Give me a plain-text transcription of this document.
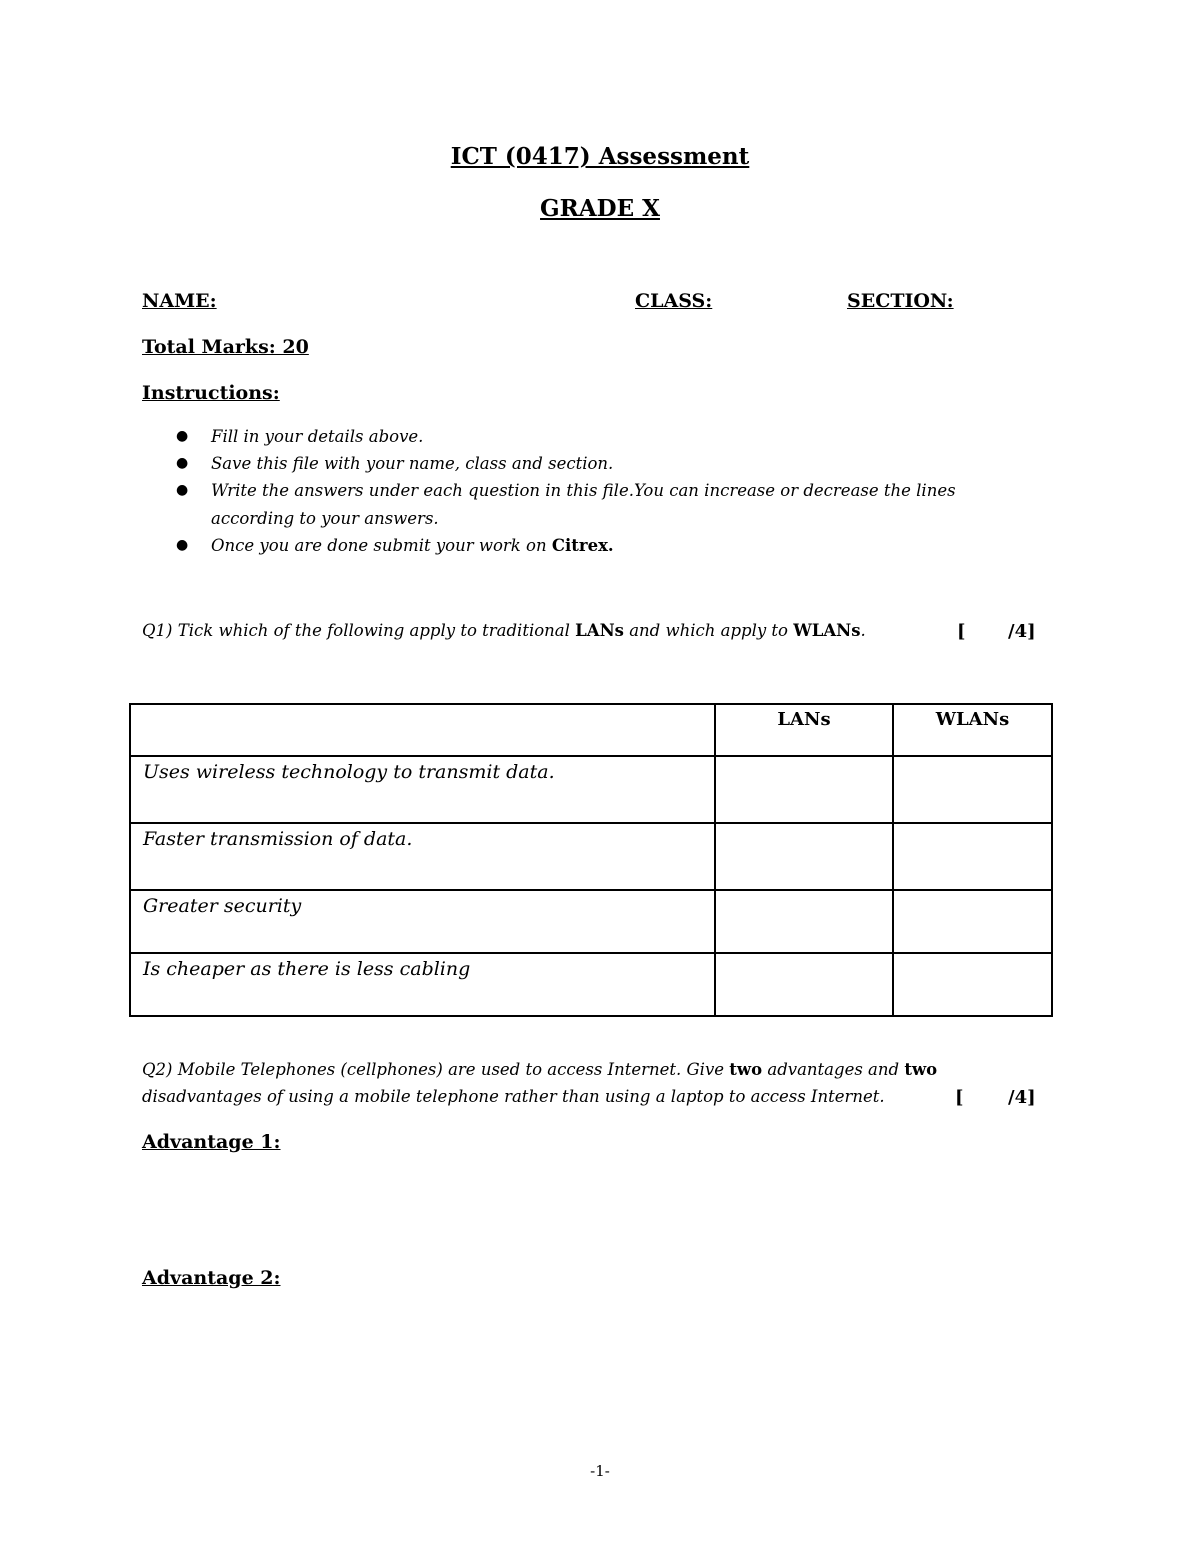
ICT (0417) Assessment
GRADE X
NAME:	CLASS:	SECTION:
Total Marks: 20
Instructions:
● Fill in your details above.
● Save this file with your name, class and section.
● Write the answers under each question in this file.You can increase or decrease the lines
according to your answers.
● Once you are done submit your work on Citrex.
Q1) Tick which of the following apply to traditional LANs and which apply to WLANs.	[ /4]
	LANs	WLANs
Uses wireless technology to transmit data.		
Faster transmission of data.		
Greater security		
Is cheaper as there is less cabling		
Q2) Mobile Telephones (cellphones) are used to access Internet. Give two advantages and two
disadvantages of using a mobile telephone rather than using a laptop to access Internet.	[ /4]
Advantage 1:
Advantage 2:
-1-
